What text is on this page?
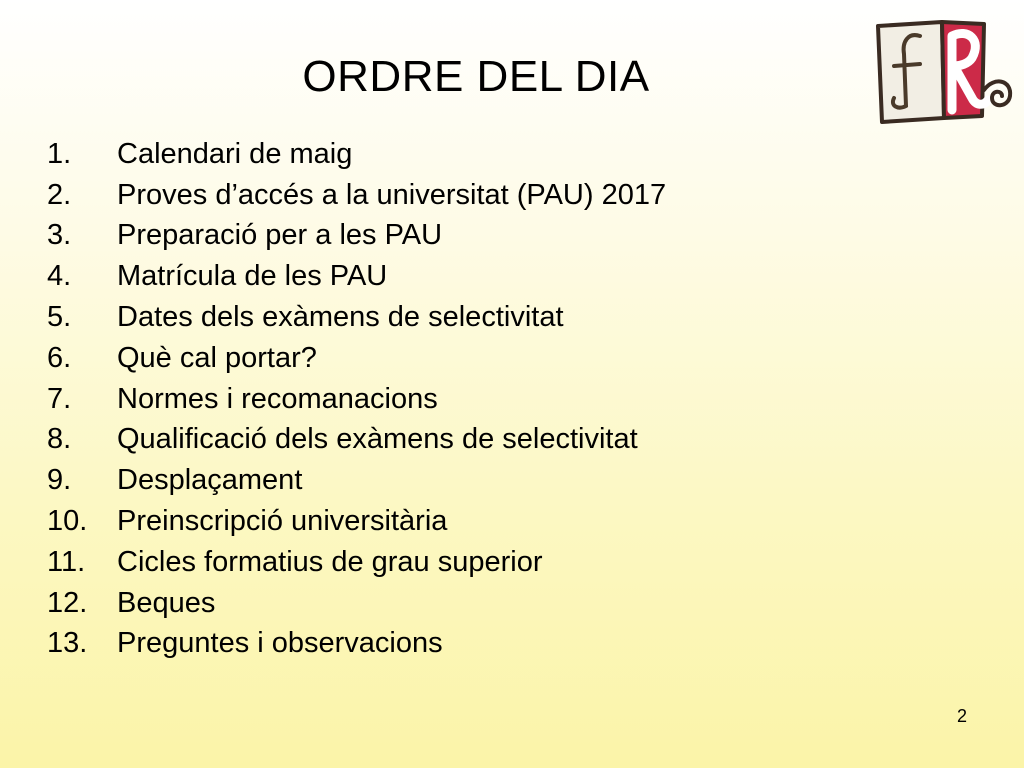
ORDRE DEL DIA
1.	Calendari de maig
2.	Proves d’accés a la universitat (PAU) 2017
3.	Preparació per a les PAU
4.	Matrícula de les PAU
5.	Dates dels exàmens de selectivitat
6.	Què cal portar?
7.	Normes i recomanacions
8.	Qualificació dels exàmens de selectivitat
9.	Desplaçament
10.	Preinscripció universitària
11.	Cicles formatius de grau superior
12.	Beques
13.	Preguntes i observacions
2
